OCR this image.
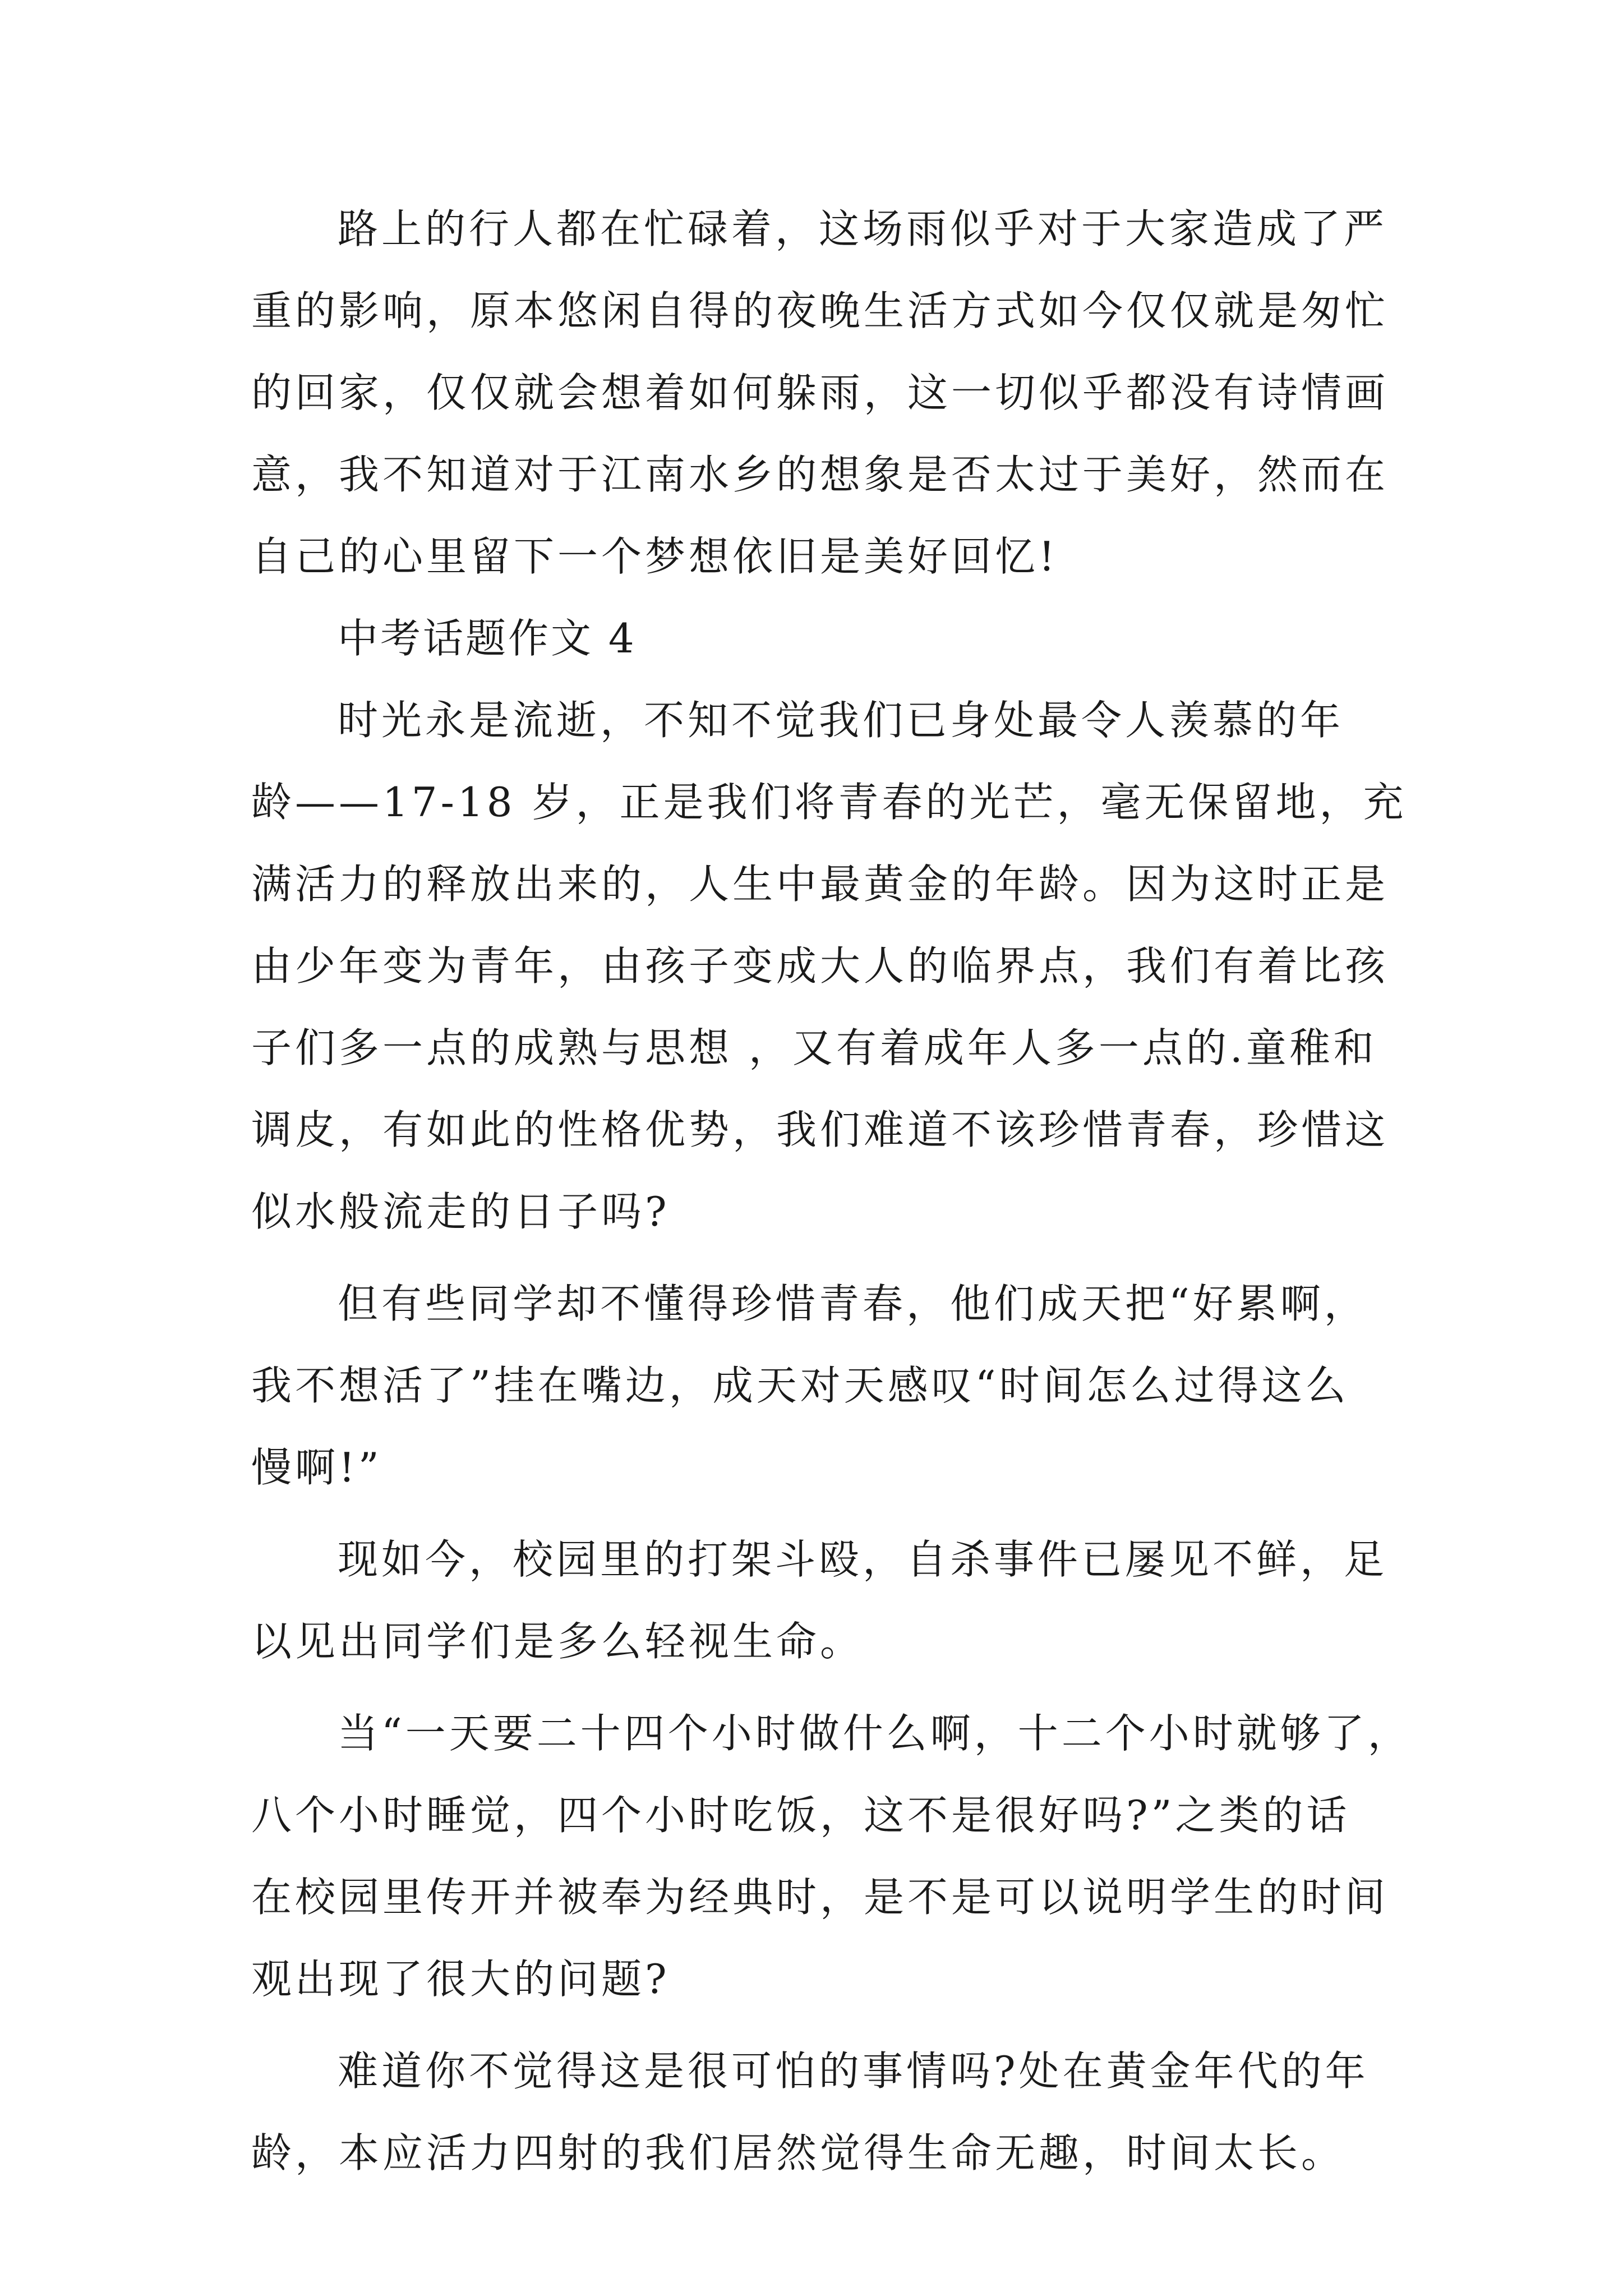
路上的行人都在忙碌着，这场雨似乎对于大家造成了严
重的影响，原本悠闲自得的夜晚生活方式如今仅仅就是匆忙
的回家，仅仅就会想着如何躲雨，这一切似乎都没有诗情画
意，我不知道对于江南水乡的想象是否太过于美好，然而在
自己的心里留下一个梦想依旧是美好回忆!
中考话题作文 4
时光永是流逝，不知不觉我们已身处最令人羡慕的年
龄——17-18 岁，正是我们将青春的光芒，毫无保留地，充
满活力的释放出来的，人生中最黄金的年龄。因为这时正是
由少年变为青年，由孩子变成大人的临界点，我们有着比孩
子们多一点的成熟与思想 ，又有着成年人多一点的.童稚和
调皮，有如此的性格优势，我们难道不该珍惜青春，珍惜这
似水般流走的日子吗?
但有些同学却不懂得珍惜青春，他们成天把“好累啊，
我不想活了”挂在嘴边，成天对天感叹“时间怎么过得这么
慢啊!”
现如今，校园里的打架斗殴，自杀事件已屡见不鲜，足
以见出同学们是多么轻视生命。
当“一天要二十四个小时做什么啊，十二个小时就够了，
八个小时睡觉，四个小时吃饭，这不是很好吗?”之类的话
在校园里传开并被奉为经典时，是不是可以说明学生的时间
观出现了很大的问题?
难道你不觉得这是很可怕的事情吗?处在黄金年代的年
龄，本应活力四射的我们居然觉得生命无趣，时间太长。
